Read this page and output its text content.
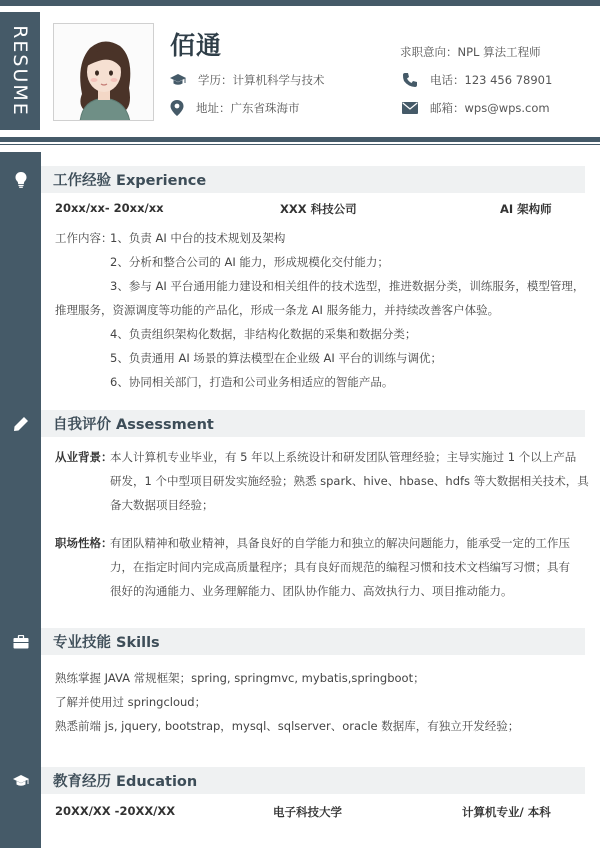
RESUME	佰通
学历：计算机科学与技术
地址：广东省珠海市
求职意向：NPL 算法工程师
电话：123 456 78901
邮箱：wps@wps.com
工作经验 Experience
20xx/xx- 20xx/xx	XXX 科技公司	AI 架构师
工作内容：
1、负责 AI 中台的技术规划及架构
2、分析和整合公司的 AI 能力，形成规模化交付能力；
3、参与 AI 平台通用能力建设和相关组件的技术选型，推进数据分类，训练服务，模型管理，
推理服务，资源调度等功能的产品化，形成一条龙 AI 服务能力，并持续改善客户体验。
4、负责组织架构化数据，非结构化数据的采集和数据分类；
5、负责通用 AI 场景的算法模型在企业级 AI 平台的训练与调优；
6、协同相关部门，打造和公司业务相适应的智能产品。
自我评价 Assessment
从业背景：
本人计算机专业毕业，有 5 年以上系统设计和研发团队管理经验；主导实施过 1 个以上产品
研发，1 个中型项目研发实施经验；熟悉 spark、hive、hbase、hdfs 等大数据相关技术，具
备大数据项目经验；
职场性格：
有团队精神和敬业精神，具备良好的自学能力和独立的解决问题能力，能承受一定的工作压
力，在指定时间内完成高质量程序；具有良好而规范的编程习惯和技术文档编写习惯；具有
很好的沟通能力、业务理解能力、团队协作能力、高效执行力、项目推动能力。
专业技能 Skills
熟练掌握 JAVA 常规框架；spring, springmvc, mybatis,springboot；
了解并使用过 springcloud；
熟悉前端 js, jquery, bootstrap，mysql、sqlserver、oracle 数据库，有独立开发经验；
教育经历 Education
20XX/XX -20XX/XX	电子科技大学	计算机专业/ 本科
